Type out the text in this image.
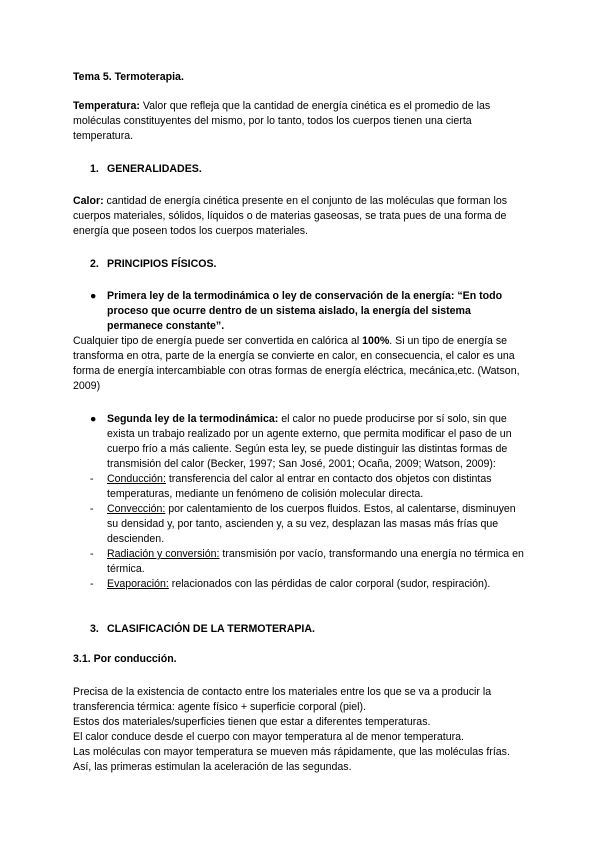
Tema 5. Termoterapia.

Temperatura: Valor que refleja que la cantidad de energía cinética es el promedio de las moléculas constituyentes del mismo, por lo tanto, todos los cuerpos tienen una cierta temperatura.

1. GENERALIDADES.

Calor: cantidad de energía cinética presente en el conjunto de las moléculas que forman los cuerpos materiales, sólidos, líquidos o de materias gaseosas, se trata pues de una forma de energía que poseen todos los cuerpos materiales.

2. PRINCIPIOS FÍSICOS.

● Primera ley de la termodinámica o ley de conservación de la energía: “En todo proceso que ocurre dentro de un sistema aislado, la energía del sistema permanece constante”.

Cualquier tipo de energía puede ser convertida en calórica al 100%. Si un tipo de energía se transforma en otra, parte de la energía se convierte en calor, en consecuencia, el calor es una forma de energía intercambiable con otras formas de energía eléctrica, mecánica,etc. (Watson, 2009)

● Segunda ley de la termodinámica: el calor no puede producirse por sí solo, sin que exista un trabajo realizado por un agente externo, que permita modificar el paso de un cuerpo frío a más caliente. Según esta ley, se puede distinguir las distintas formas de transmisión del calor (Becker, 1997; San José, 2001; Ocaña, 2009; Watson, 2009):

- Conducción: transferencia del calor al entrar en contacto dos objetos con distintas temperaturas, mediante un fenómeno de colisión molecular directa.

- Convección: por calentamiento de los cuerpos fluidos. Estos, al calentarse, disminuyen su densidad y, por tanto, ascienden y, a su vez, desplazan las masas más frías que descienden.

- Radiación y conversión: transmisión por vacío, transformando una energía no térmica en térmica.

- Evaporación: relacionados con las pérdidas de calor corporal (sudor, respiración).

3. CLASIFICACIÓN DE LA TERMOTERAPIA.

3.1. Por conducción.

Precisa de la existencia de contacto entre los materiales entre los que se va a producir la transferencia térmica: agente físico + superficie corporal (piel).

Estos dos materiales/superficies tienen que estar a diferentes temperaturas.

El calor conduce desde el cuerpo con mayor temperatura al de menor temperatura.

Las moléculas con mayor temperatura se mueven más rápidamente, que las moléculas frías. Así, las primeras estimulan la aceleración de las segundas.
